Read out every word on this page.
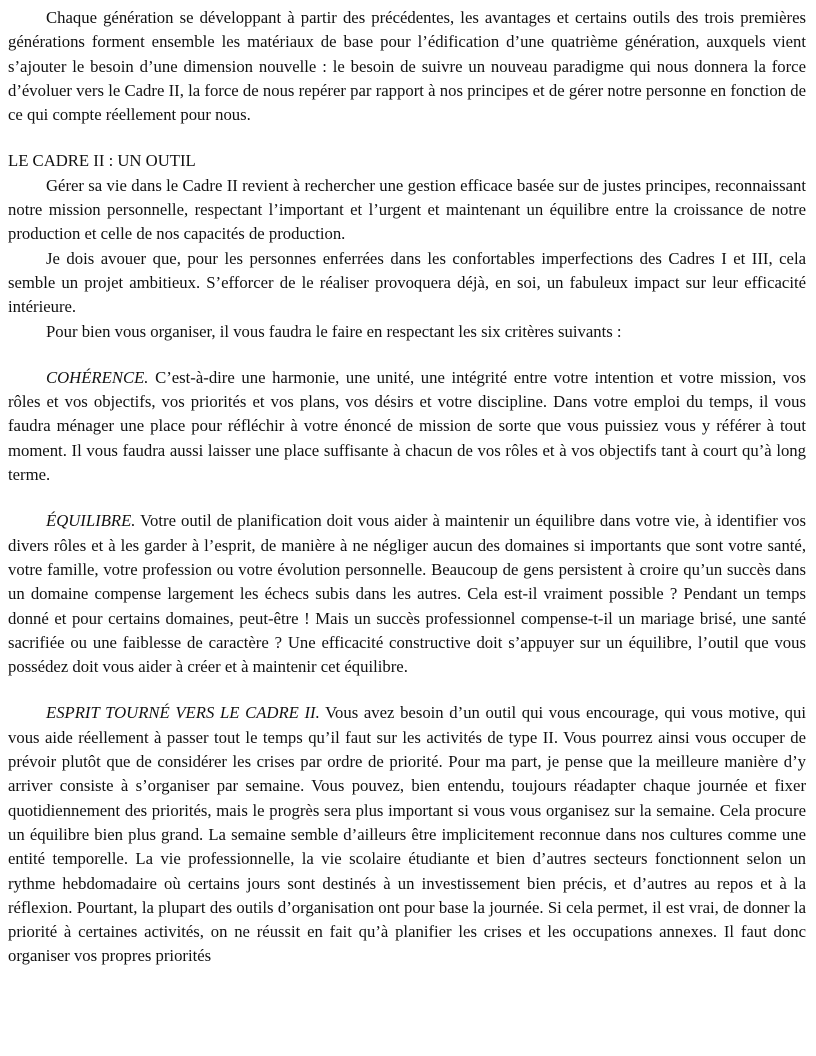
Chaque génération se développant à partir des précédentes, les avantages et certains outils des trois premières générations forment ensemble les matériaux de base pour l’édification d’une quatrième génération, auxquels vient s’ajouter le besoin d’une dimension nouvelle : le besoin de suivre un nouveau paradigme qui nous donnera la force d’évoluer vers le Cadre II, la force de nous repérer par rapport à nos principes et de gérer notre personne en fonction de ce qui compte réellement pour nous.

LE CADRE II : UN OUTIL

Gérer sa vie dans le Cadre II revient à rechercher une gestion efficace basée sur de justes principes, reconnaissant notre mission personnelle, respectant l’important et l’urgent et maintenant un équilibre entre la croissance de notre production et celle de nos capacités de production.

Je dois avouer que, pour les personnes enferrées dans les confortables imperfections des Cadres I et III, cela semble un projet ambitieux. S’efforcer de le réaliser provoquera déjà, en soi, un fabuleux impact sur leur efficacité intérieure.

Pour bien vous organiser, il vous faudra le faire en respectant les six critères suivants :

COHÉRENCE. C’est-à-dire une harmonie, une unité, une intégrité entre votre intention et votre mission, vos rôles et vos objectifs, vos priorités et vos plans, vos désirs et votre discipline. Dans votre emploi du temps, il vous faudra ménager une place pour réfléchir à votre énoncé de mission de sorte que vous puissiez vous y référer à tout moment. Il vous faudra aussi laisser une place suffisante à chacun de vos rôles et à vos objectifs tant à court qu’à long terme.

ÉQUILIBRE. Votre outil de planification doit vous aider à maintenir un équilibre dans votre vie, à identifier vos divers rôles et à les garder à l’esprit, de manière à ne négliger aucun des domaines si importants que sont votre santé, votre famille, votre profession ou votre évolution personnelle. Beaucoup de gens persistent à croire qu’un succès dans un domaine compense largement les échecs subis dans les autres. Cela est-il vraiment possible ? Pendant un temps donné et pour certains domaines, peut-être ! Mais un succès professionnel compense-t-il un mariage brisé, une santé sacrifiée ou une faiblesse de caractère ? Une efficacité constructive doit s’appuyer sur un équilibre, l’outil que vous possédez doit vous aider à créer et à maintenir cet équilibre.

ESPRIT TOURNÉ VERS LE CADRE II. Vous avez besoin d’un outil qui vous encourage, qui vous motive, qui vous aide réellement à passer tout le temps qu’il faut sur les activités de type II. Vous pourrez ainsi vous occuper de prévoir plutôt que de considérer les crises par ordre de priorité. Pour ma part, je pense que la meilleure manière d’y arriver consiste à s’organiser par semaine. Vous pouvez, bien entendu, toujours réadapter chaque journée et fixer quotidiennement des priorités, mais le progrès sera plus important si vous vous organisez sur la semaine. Cela procure un équilibre bien plus grand. La semaine semble d’ailleurs être implicitement reconnue dans nos cultures comme une entité temporelle. La vie professionnelle, la vie scolaire étudiante et bien d’autres secteurs fonctionnent selon un rythme hebdomadaire où certains jours sont destinés à un investissement bien précis, et d’autres au repos et à la réflexion. Pourtant, la plupart des outils d’organisation ont pour base la journée. Si cela permet, il est vrai, de donner la priorité à certaines activités, on ne réussit en fait qu’à planifier les crises et les occupations annexes. Il faut donc organiser vos propres priorités
